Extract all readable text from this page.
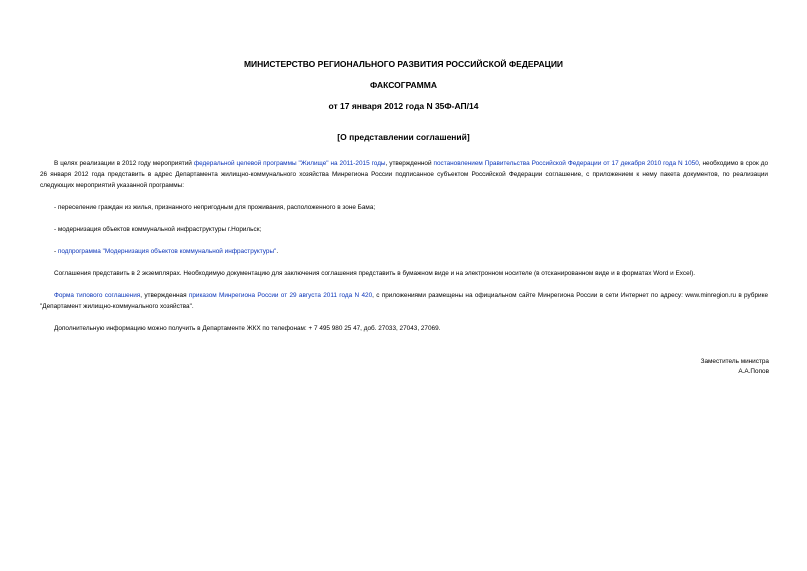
МИНИСТЕРСТВО РЕГИОНАЛЬНОГО РАЗВИТИЯ РОССИЙСКОЙ ФЕДЕРАЦИИ
ФАКСОГРАММА
от 17 января 2012 года N 35Ф-АП/14
[О представлении соглашений]

В целях реализации в 2012 году мероприятий федеральной целевой программы "Жилище" на 2011-2015 годы, утвержденной постановлением Правительства Российской Федерации от 17 декабря 2010 года N 1050, необходимо в срок до 26 января 2012 года представить в адрес Департамента жилищно-коммунального хозяйства Минрегиона России подписанное субъектом Российской Федерации соглашение, с приложением к нему пакета документов, по реализации следующих мероприятий указанной программы:

- переселение граждан из жилья, признанного непригодным для проживания, расположенного в зоне Бама;

- модернизация объектов коммунальной инфраструктуры г.Норильск;

- подпрограмма "Модернизация объектов коммунальной инфраструктуры".

Соглашения представить в 2 экземплярах. Необходимую документацию для заключения соглашения представить в бумажном виде и на электронном носителе (в отсканированном виде и в форматах Word и Excel).

Форма типового соглашения, утвержденная приказом Минрегиона России от 29 августа 2011 года N 420, с приложениями размещены на официальном сайте Минрегиона России в сети Интернет по адресу: www.minregion.ru в рубрике "Департамент жилищно-коммунального хозяйства".

Дополнительную информацию можно получить в Департаменте ЖКХ по телефонам: + 7 495 980 25 47, доб. 27033, 27043, 27069.

Заместитель министра
А.А.Попов
